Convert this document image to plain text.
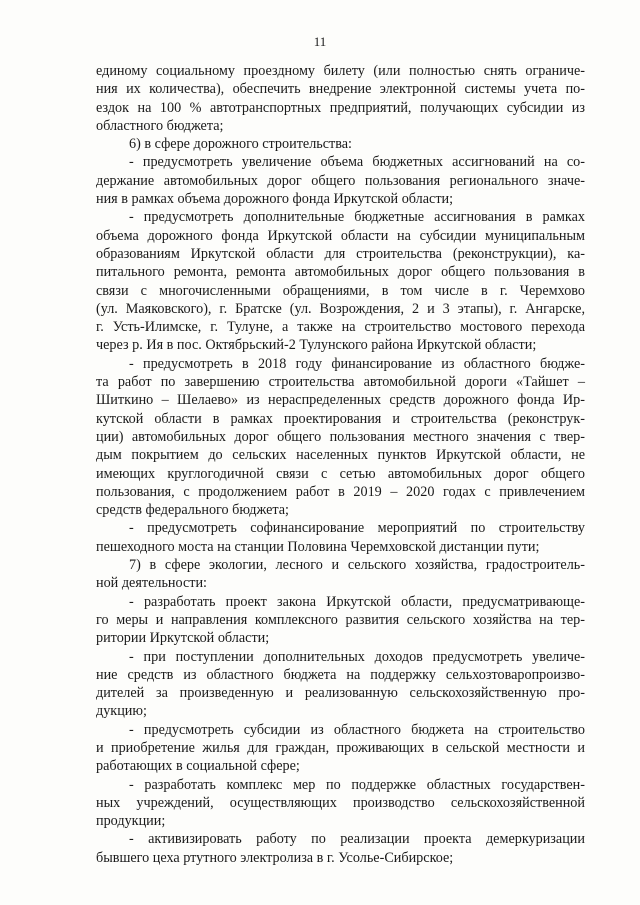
11

единому социальному проездному билету (или полностью снять ограниче-
ния их количества), обеспечить внедрение электронной системы учета по-
ездок на 100 % автотранспортных предприятий, получающих субсидии из
областного бюджета;

6) в сфере дорожного строительства:

- предусмотреть увеличение объема бюджетных ассигнований на со-
держание автомобильных дорог общего пользования регионального значе-
ния в рамках объема дорожного фонда Иркутской области;

- предусмотреть дополнительные бюджетные ассигнования в рамках
объема дорожного фонда Иркутской области на субсидии муниципальным
образованиям Иркутской области для строительства (реконструкции), ка-
питального ремонта, ремонта автомобильных дорог общего пользования в
связи с многочисленными обращениями, в том числе в г. Черемхово
(ул. Маяковского), г. Братске (ул. Возрождения, 2 и 3 этапы), г. Ангарске,
г. Усть-Илимске, г. Тулуне, а также на строительство мостового перехода
через р. Ия в пос. Октябрьский-2 Тулунского района Иркутской области;

- предусмотреть в 2018 году финансирование из областного бюдже-
та работ по завершению строительства автомобильной дороги «Тайшет –
Шиткино – Шелаево» из нераспределенных средств дорожного фонда Ир-
кутской области в рамках проектирования и строительства (реконструк-
ции) автомобильных дорог общего пользования местного значения с твер-
дым покрытием до сельских населенных пунктов Иркутской области, не
имеющих круглогодичной связи с сетью автомобильных дорог общего
пользования, с продолжением работ в 2019 – 2020 годах с привлечением
средств федерального бюджета;

- предусмотреть софинансирование мероприятий по строительству
пешеходного моста на станции Половина Черемховской дистанции пути;

7) в сфере экологии, лесного и сельского хозяйства, градостроитель-
ной деятельности:

- разработать проект закона Иркутской области, предусматривающе-
го меры и направления комплексного развития сельского хозяйства на тер-
ритории Иркутской области;

- при поступлении дополнительных доходов предусмотреть увеличе-
ние средств из областного бюджета на поддержку сельхозтоваропроизво-
дителей за произведенную и реализованную сельскохозяйственную про-
дукцию;

- предусмотреть субсидии из областного бюджета на строительство
и приобретение жилья для граждан, проживающих в сельской местности и
работающих в социальной сфере;

- разработать комплекс мер по поддержке областных государствен-
ных учреждений, осуществляющих производство сельскохозяйственной
продукции;

- активизировать работу по реализации проекта демеркуризации
бывшего цеха ртутного электролиза в г. Усолье-Сибирское;
